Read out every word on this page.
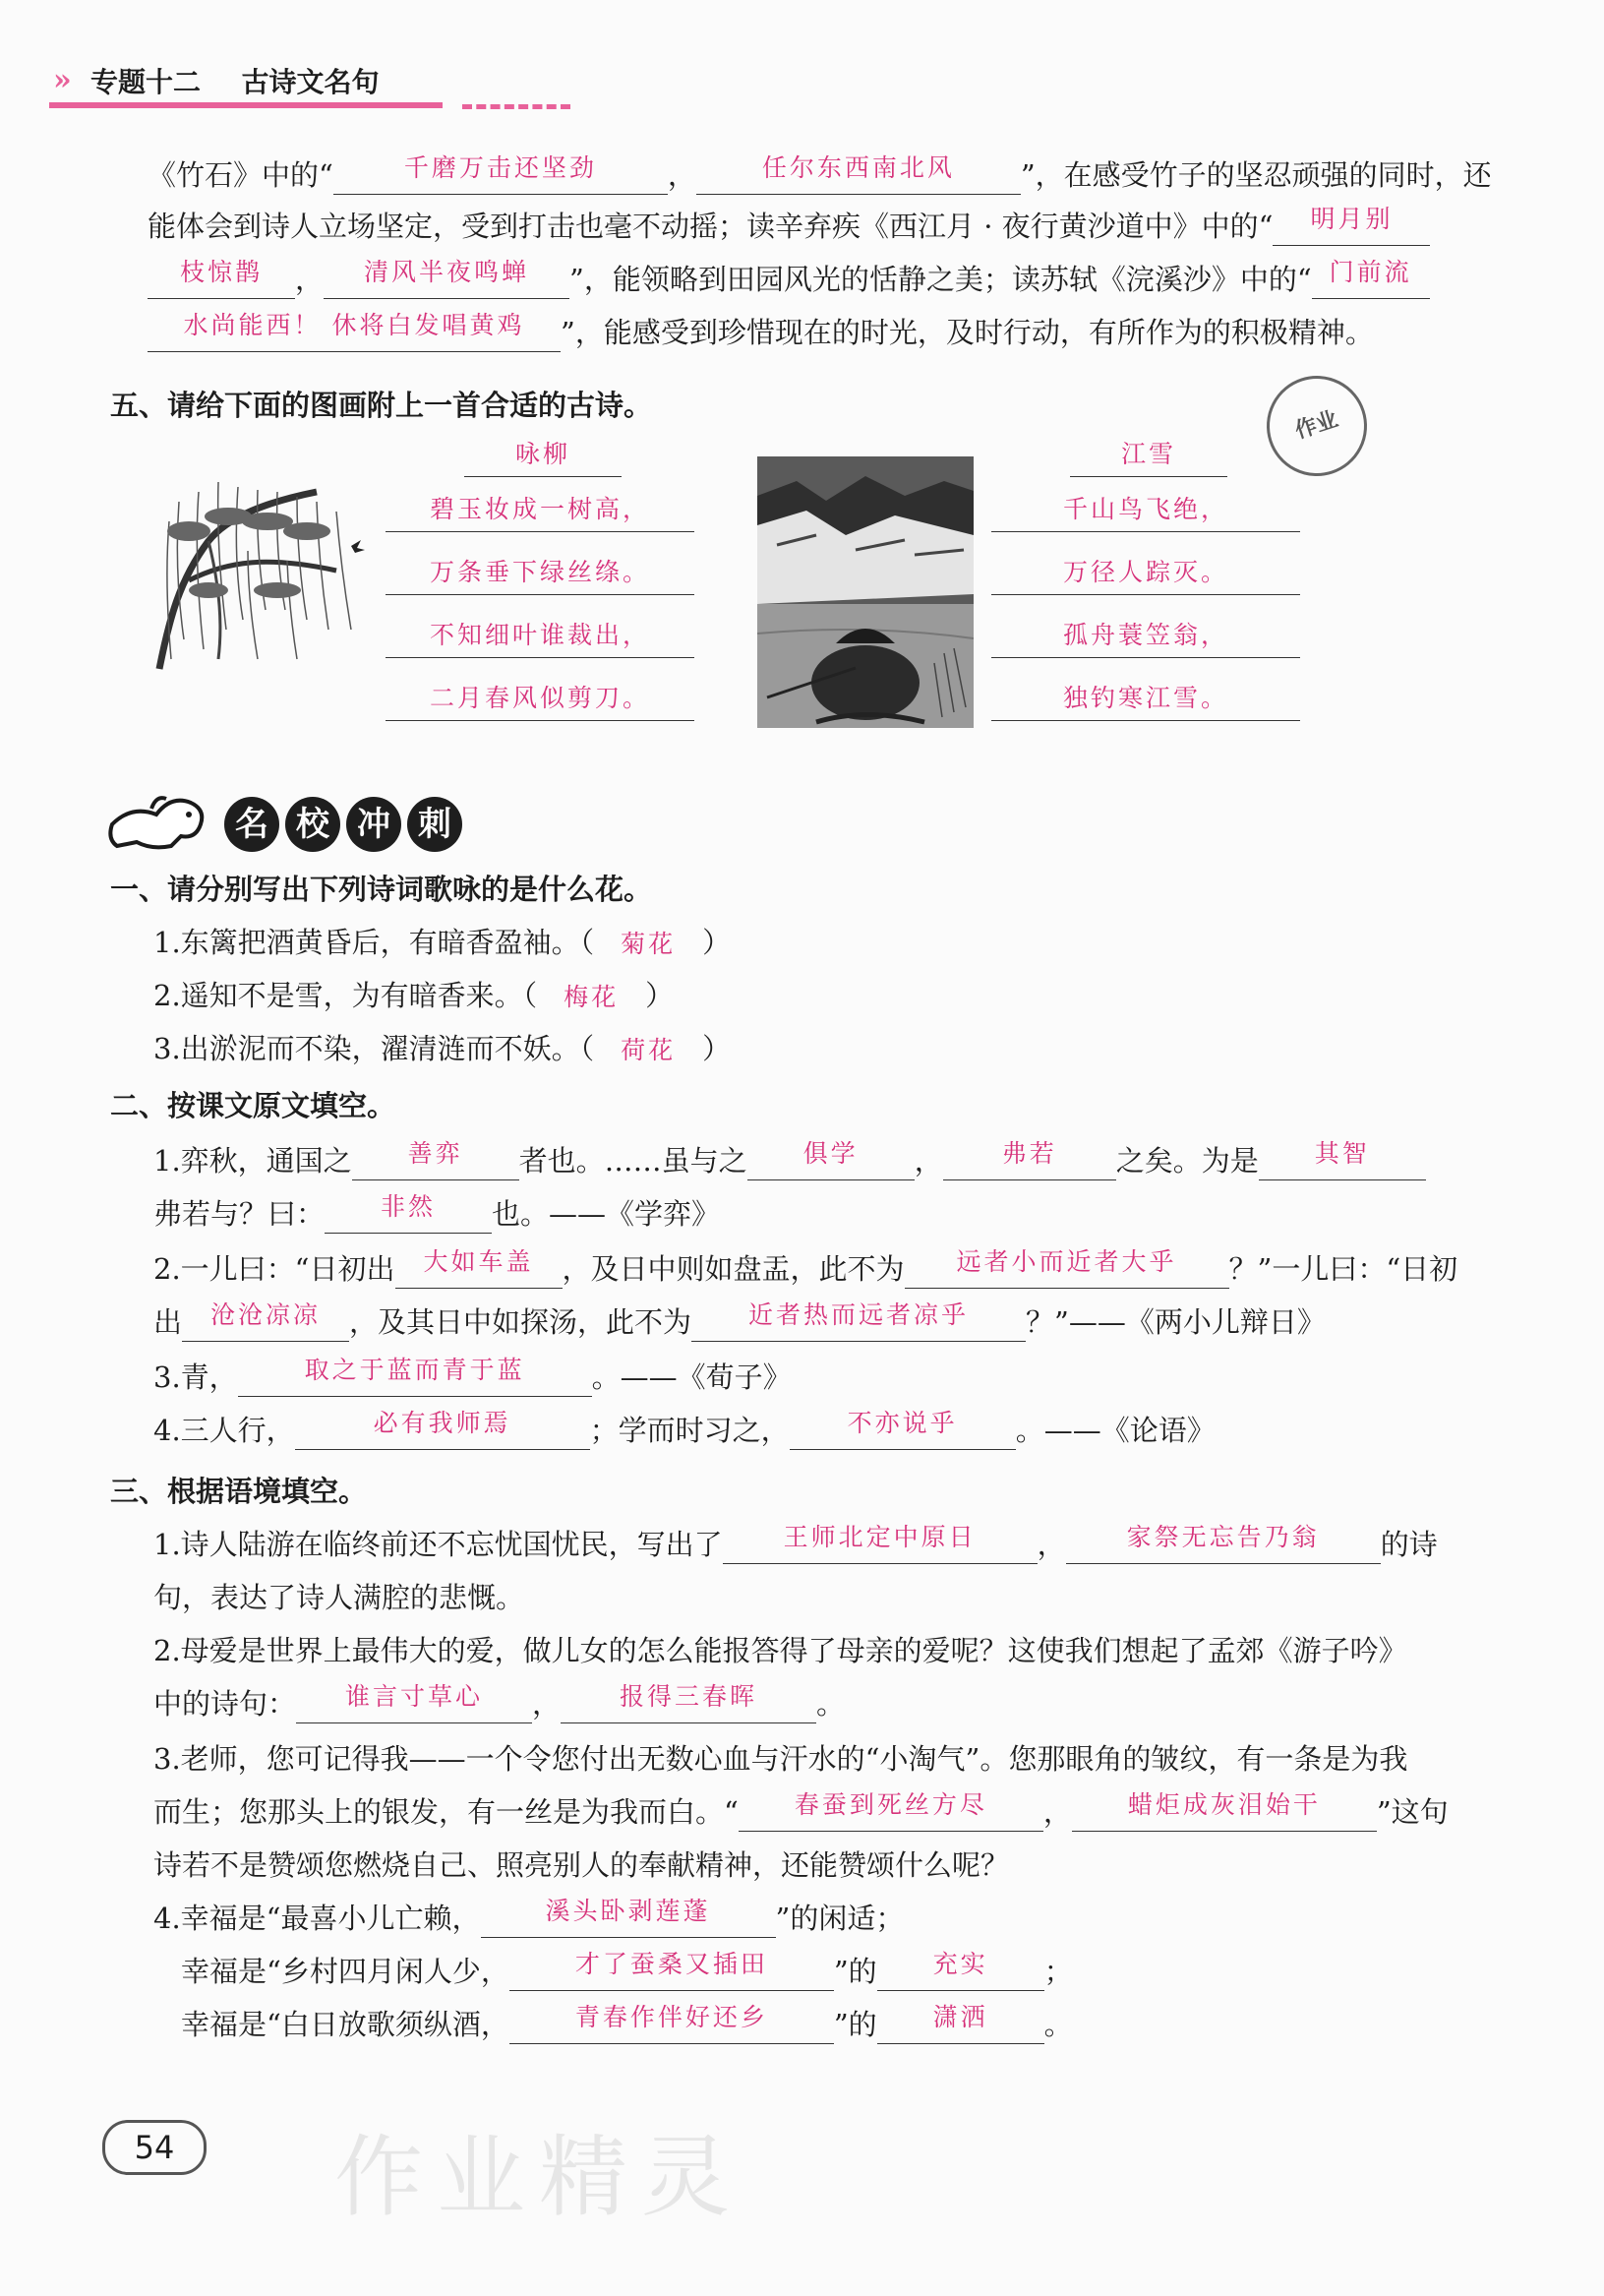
» 专题十二 古诗文名句
《竹石》中的“	千磨万击还坚劲	，	任尔东西南北风	”，在感受竹子的坚忍顽强的同时，还
能体会到诗人立场坚定，受到打击也毫不动摇；读辛弃疾《西江月 · 夜行黄沙道中》中的“	明月别
枝惊鹊	，	清风半夜鸣蝉	”，能领略到田园风光的恬静之美；读苏轼《浣溪沙》中的“ 门前流
水尚能西！ 休将白发唱黄鸡	”，能感受到珍惜现在的时光，及时行动，有所作为的积极精神。
五、请给下面的图画附上一首合适的古诗。
咏柳
碧玉妆成一树高，
万条垂下绿丝绦。
不知细叶谁裁出，
二月春风似剪刀。
江雪
千山鸟飞绝，
万径人踪灭。
孤舟蓑笠翁，
独钓寒江雪。
作业
名 校 冲 刺
一、请分别写出下列诗词歌咏的是什么花。
1.东篱把酒黄昏后，有暗香盈袖。（ 菊花 ）
2.遥知不是雪，为有暗香来。（ 梅花 ）
3.出淤泥而不染，濯清涟而不妖。（ 荷花 ）
二、按课文原文填空。
1.弈秋，通国之	善弈	者也。……虽与之	俱学	，	弗若	之矣。为是	其智
弗若与？曰：	非然	也。——《学弈》
2.一儿曰：“日初出	大如车盖	，及日中则如盘盂，此不为	远者小而近者大乎	？”一儿曰：“日初
出	沧沧凉凉	，及其日中如探汤，此不为	近者热而远者凉乎	？”——《两小儿辩日》
3.青，	取之于蓝而青于蓝	。——《荀子》
4.三人行，	必有我师焉	；学而时习之，	不亦说乎	。——《论语》
三、根据语境填空。
1.诗人陆游在临终前还不忘忧国忧民，写出了	王师北定中原日	，	家祭无忘告乃翁	的诗
句，表达了诗人满腔的悲慨。
2.母爱是世界上最伟大的爱，做儿女的怎么能报答得了母亲的爱呢？这使我们想起了孟郊《游子吟》
中的诗句：	谁言寸草心	，	报得三春晖	。
3.老师，您可记得我——一个令您付出无数心血与汗水的“小淘气”。您那眼角的皱纹，有一条是为我
而生；您那头上的银发，有一丝是为我而白。“	春蚕到死丝方尽	，	蜡炬成灰泪始干	”这句
诗若不是赞颂您燃烧自己、照亮别人的奉献精神，还能赞颂什么呢？
4.幸福是“最喜小儿亡赖，	溪头卧剥莲蓬	”的闲适；
幸福是“乡村四月闲人少，	才了蚕桑又插田	”的	充实	；
幸福是“白日放歌须纵酒，	青春作伴好还乡	”的	潇洒	。
54	作业精灵
